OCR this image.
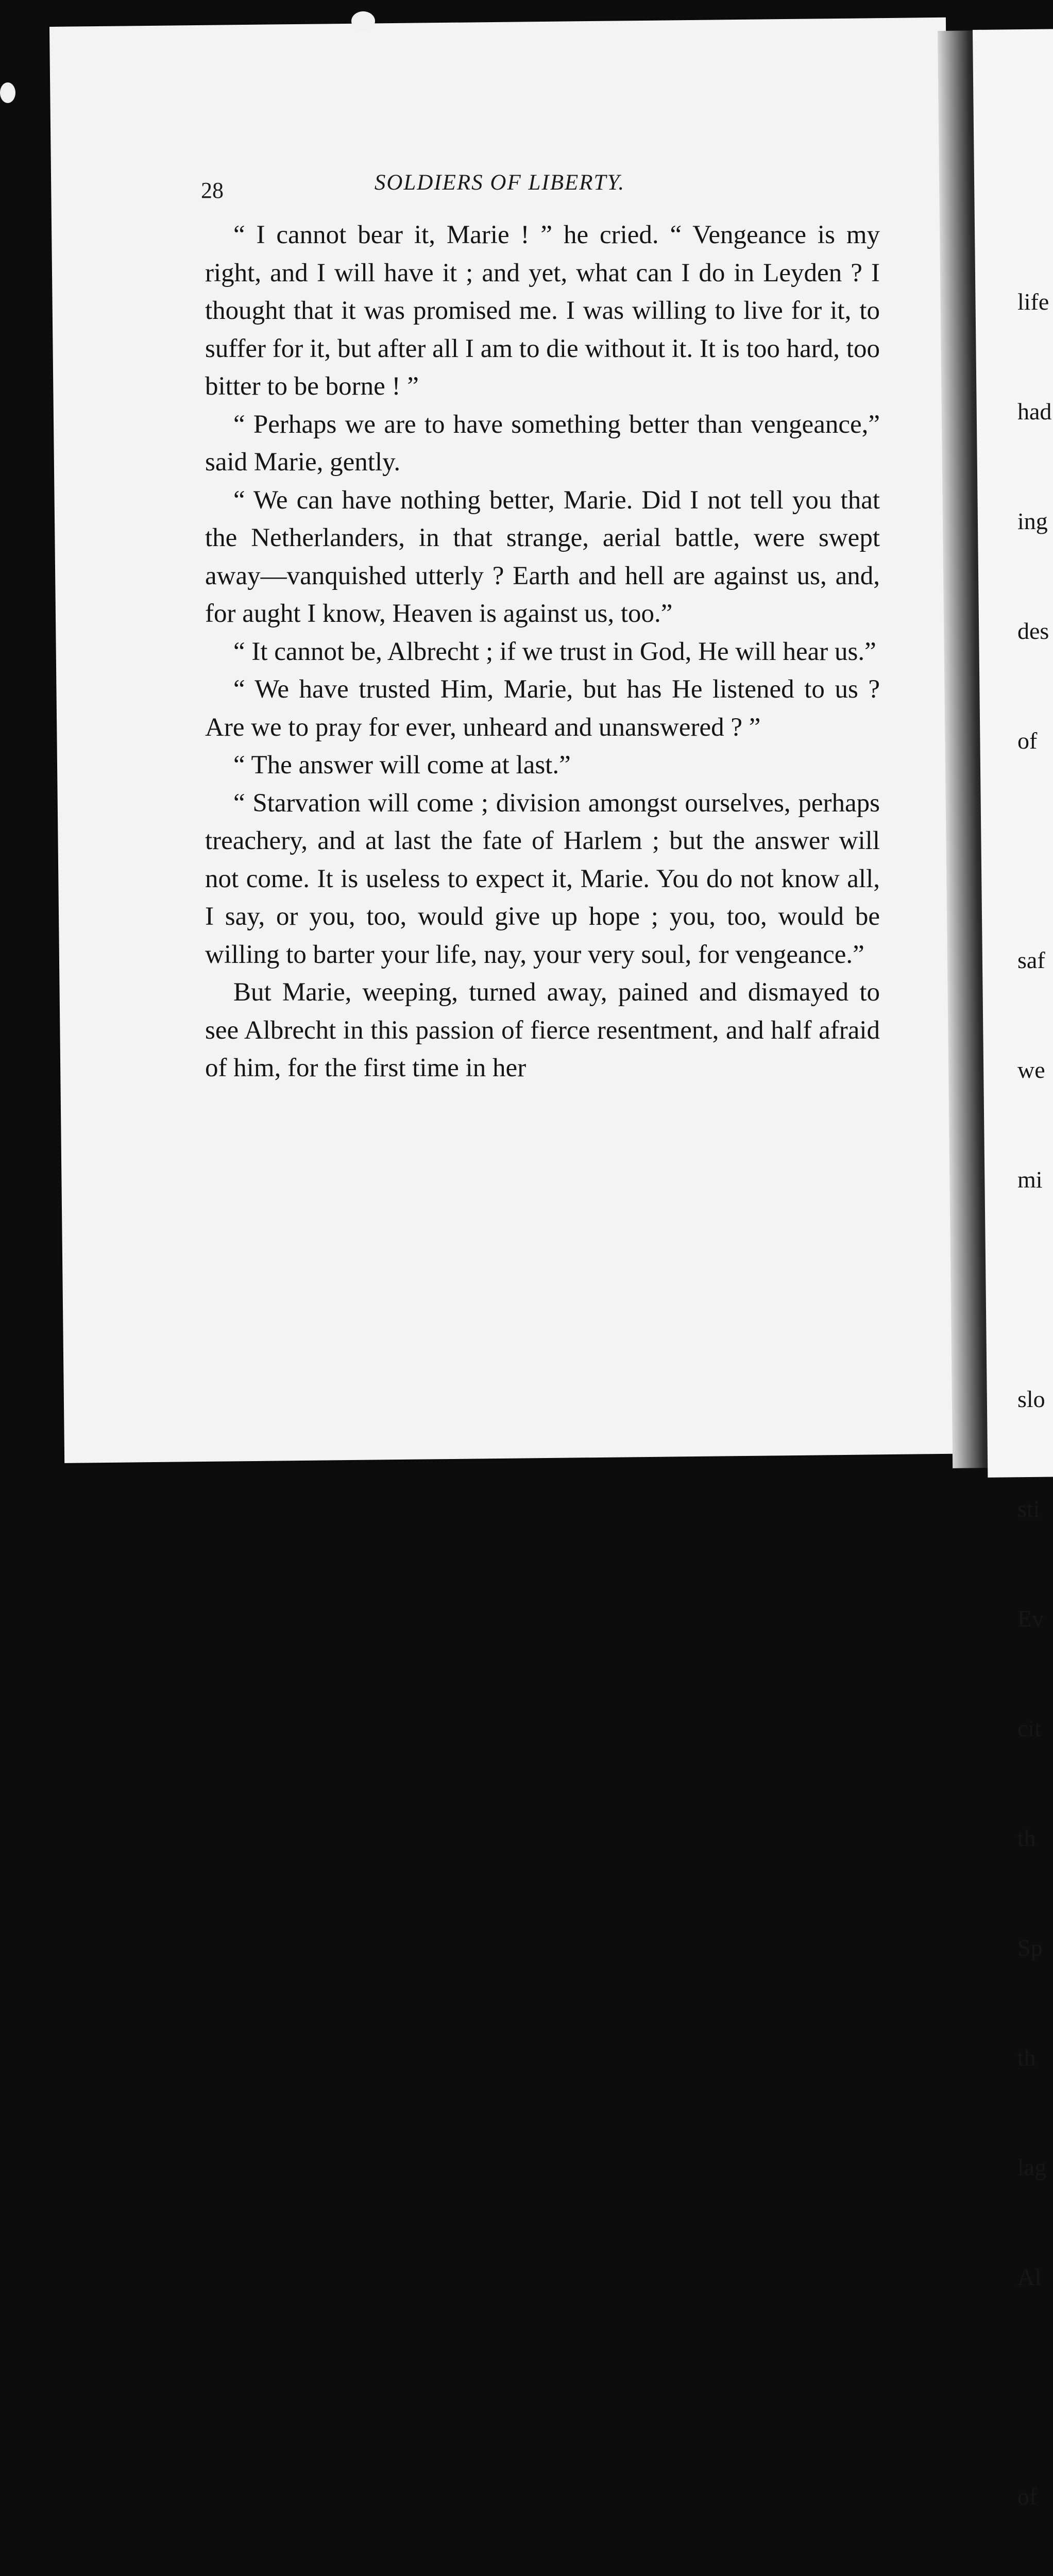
28	SOLDIERS OF LIBERTY.

“ I cannot bear it, Marie ! ” he cried. “ Vengeance is my right, and I will have it ; and yet, what can I do in Leyden ? I thought that it was promised me. I was willing to live for it, to suffer for it, but after all I am to die without it. It is too hard, too bitter to be borne ! ”

“ Perhaps we are to have something better than vengeance,” said Marie, gently.

“ We can have nothing better, Marie. Did I not tell you that the Netherlanders, in that strange, aerial battle, were swept away—vanquished utterly ? Earth and hell are against us, and, for aught I know, Heaven is against us, too.”

“ It cannot be, Albrecht ; if we trust in God, He will hear us.”

“ We have trusted Him, Marie, but has He listened to us ? Are we to pray for ever, unheard and unanswered ? ”

“ The answer will come at last.”

“ Starvation will come ; division amongst ourselves, perhaps treachery, and at last the fate of Harlem ; but the answer will not come. It is useless to expect it, Marie. You do not know all, I say, or you, too, would give up hope ; you, too, would be willing to barter your life, nay, your very soul, for vengeance.”

But Marie, weeping, turned away, pained and dismayed to see Albrecht in this passion of fierce resentment, and half afraid of him, for the first time in her

life

had

ing

des

of

saf

we

mi

slo

sti

Ev

cit

th

Sp

th

lag

Al

of
